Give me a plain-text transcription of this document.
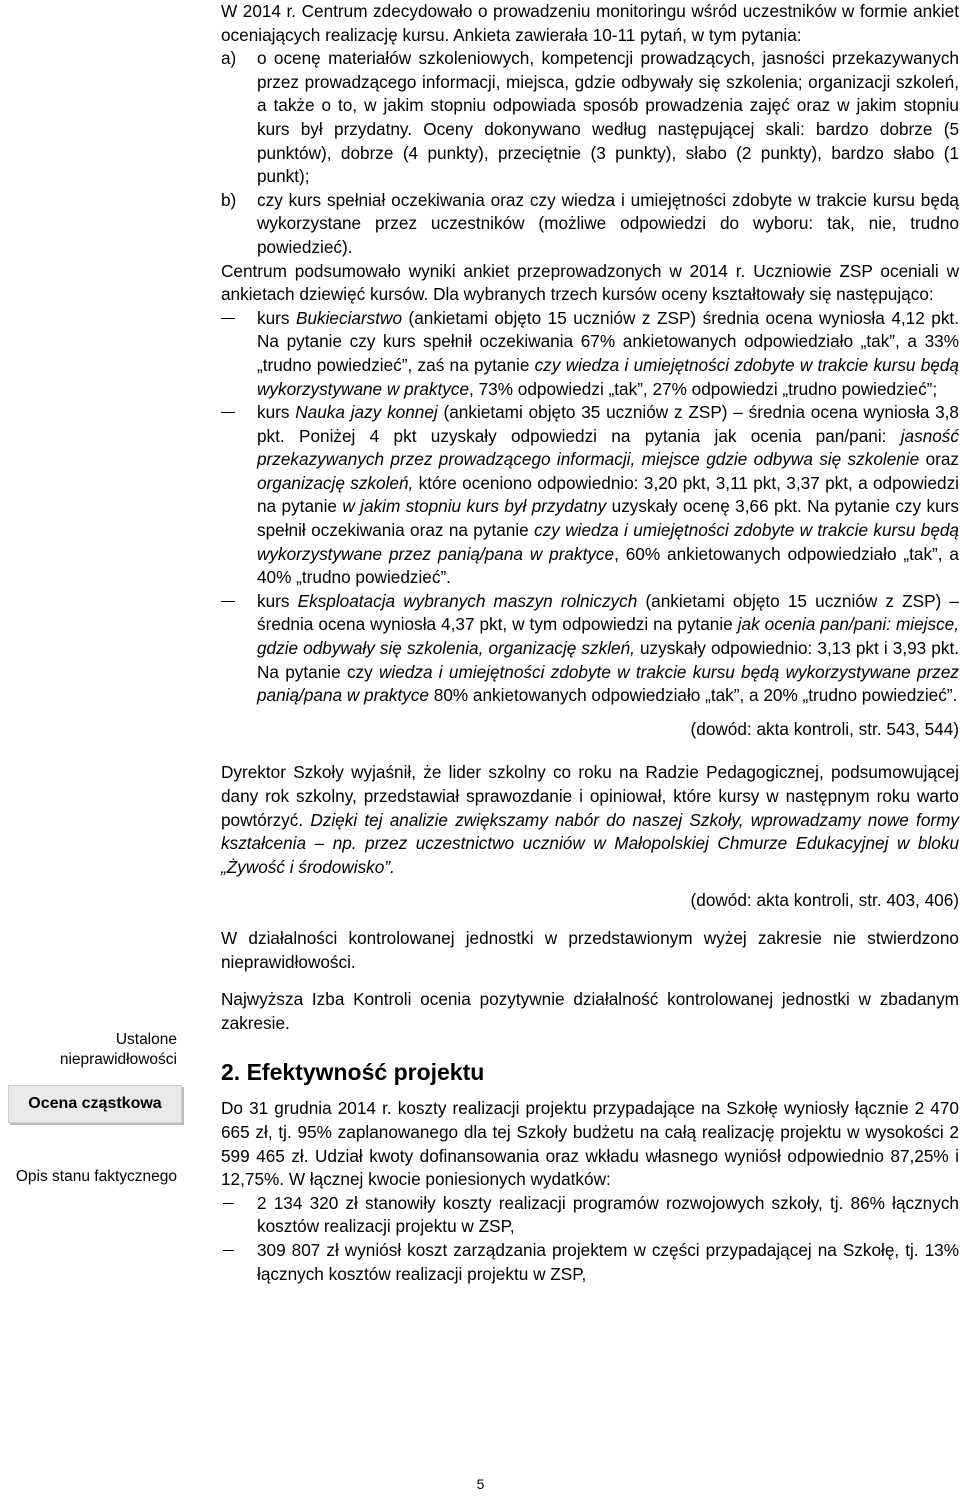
Ustalone nieprawidłowości
Ocena cząstkowa
Opis stanu faktycznego

W 2014 r. Centrum zdecydowało o prowadzeniu monitoringu wśród uczestników w formie ankiet oceniających realizację kursu. Ankieta zawierała 10-11 pytań, w tym pytania:

a) o ocenę materiałów szkoleniowych, kompetencji prowadzących, jasności przekazywanych przez prowadzącego informacji, miejsca, gdzie odbywały się szkolenia; organizacji szkoleń, a także o to, w jakim stopniu odpowiada sposób prowadzenia zajęć oraz w jakim stopniu kurs był przydatny. Oceny dokonywano według następującej skali: bardzo dobrze (5 punktów), dobrze (4 punkty), przeciętnie (3 punkty), słabo (2 punkty), bardzo słabo (1 punkt);
b) czy kurs spełniał oczekiwania oraz czy wiedza i umiejętności zdobyte w trakcie kursu będą wykorzystane przez uczestników (możliwe odpowiedzi do wyboru: tak, nie, trudno powiedzieć).

Centrum podsumowało wyniki ankiet przeprowadzonych w 2014 r. Uczniowie ZSP oceniali w ankietach dziewięć kursów. Dla wybranych trzech kursów oceny kształtowały się następująco:

kurs Bukieciarstwo (ankietami objęto 15 uczniów z ZSP) średnia ocena wyniosła 4,12 pkt. Na pytanie czy kurs spełnił oczekiwania 67% ankietowanych odpowiedziało „tak”, a 33% „trudno powiedzieć”, zaś na pytanie czy wiedza i umiejętności zdobyte w trakcie kursu będą wykorzystywane w praktyce, 73% odpowiedzi „tak”, 27% odpowiedzi „trudno powiedzieć”;
kurs Nauka jazy konnej (ankietami objęto 35 uczniów z ZSP) – średnia ocena wyniosła 3,8 pkt. Poniżej 4 pkt uzyskały odpowiedzi na pytania jak ocenia pan/pani: jasność przekazywanych przez prowadzącego informacji, miejsce gdzie odbywa się szkolenie oraz organizację szkoleń, które oceniono odpowiednio: 3,20 pkt, 3,11 pkt, 3,37 pkt, a odpowiedzi na pytanie w jakim stopniu kurs był przydatny uzyskały ocenę 3,66 pkt. Na pytanie czy kurs spełnił oczekiwania oraz na pytanie czy wiedza i umiejętności zdobyte w trakcie kursu będą wykorzystywane przez panią/pana w praktyce, 60% ankietowanych odpowiedziało „tak”, a 40% „trudno powiedzieć”.
kurs Eksploatacja wybranych maszyn rolniczych (ankietami objęto 15 uczniów z ZSP) – średnia ocena wyniosła 4,37 pkt, w tym odpowiedzi na pytanie jak ocenia pan/pani: miejsce, gdzie odbywały się szkolenia, organizację szkleń, uzyskały odpowiednio: 3,13 pkt i 3,93 pkt. Na pytanie czy wiedza i umiejętności zdobyte w trakcie kursu będą wykorzystywane przez panią/pana w praktyce 80% ankietowanych odpowiedziało „tak”, a 20% „trudno powiedzieć”.

(dowód: akta kontroli, str. 543, 544)

Dyrektor Szkoły wyjaśnił, że lider szkolny co roku na Radzie Pedagogicznej, podsumowującej dany rok szkolny, przedstawiał sprawozdanie i opiniował, które kursy w następnym roku warto powtórzyć. Dzięki tej analizie zwiększamy nabór do naszej Szkoły, wprowadzamy nowe formy kształcenia – np. przez uczestnictwo uczniów w Małopolskiej Chmurze Edukacyjnej w bloku „Żywość i środowisko”.

(dowód: akta kontroli, str. 403, 406)

W działalności kontrolowanej jednostki w przedstawionym wyżej zakresie nie stwierdzono nieprawidłowości.

Najwyższa Izba Kontroli ocenia pozytywnie działalność kontrolowanej jednostki w zbadanym zakresie.

2. Efektywność projektu

Do 31 grudnia 2014 r. koszty realizacji projektu przypadające na Szkołę wyniosły łącznie 2 470 665 zł, tj. 95% zaplanowanego dla tej Szkoły budżetu na całą realizację projektu w wysokości 2 599 465 zł. Udział kwoty dofinansowania oraz wkładu własnego wyniósł odpowiednio 87,25% i 12,75%. W łącznej kwocie poniesionych wydatków:

2 134 320 zł stanowiły koszty realizacji programów rozwojowych szkoły, tj. 86% łącznych kosztów realizacji projektu w ZSP,
309 807 zł wyniósł koszt zarządzania projektem w części przypadającej na Szkołę, tj. 13% łącznych kosztów realizacji projektu w ZSP,
5
